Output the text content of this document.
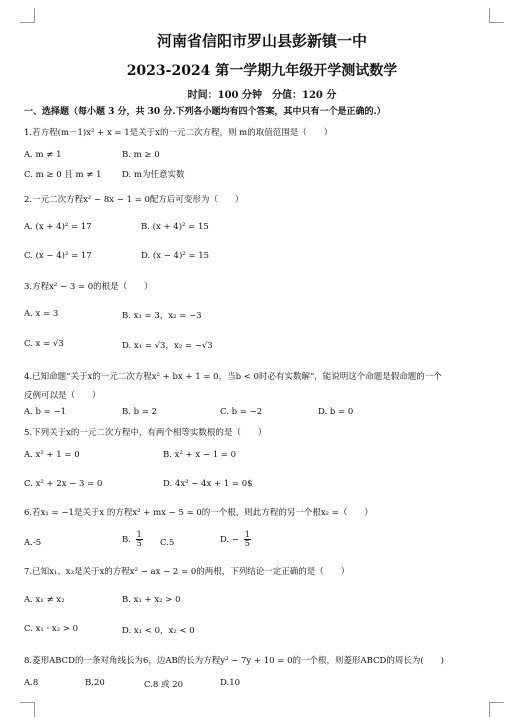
河南省信阳市罗山县彭新镇一中
2023-2024 第一学期九年级开学测试数学
时间：100 分钟　分值：120 分
一、选择题（每小题 3 分，共 30 分.下列各小题均有四个答案，其中只有一个是正确的.）
1.若方程(m－1)x² + x = 1是关于x的一元二次方程，则 m的取值范围是（　　）
A. m ≠ 1	B. m ≥ 0
C. m ≥ 0 且 m ≠ 1 D. m为任意实数
2.一元二次方程x² − 8x − 1 = 0配方后可变形为（　　）
A. (x + 4)² = 17	B. (x + 4)² = 15
C. (x − 4)² = 17	D. (x − 4)² = 15
3.方程x² − 3 = 0的根是（　　）
A. x = 3	B. x₁ = 3，x₂ = −3
C. x = √3	D. x₁ = √3，x₂ = −√3
4.已知命题“关于x的一元二次方程x² + bx + 1 = 0，当b < 0时必有实数解”，能说明这个命题是假命题的一个
反例可以是（　　）
A. b = −1	B. b = 2	C. b = −2	D. b = 0
5.下列关于x的一元二次方程中，有两个相等实数根的是（　　）
A. x² + 1 = 0	B. x² + x − 1 = 0
C. x² + 2x − 3 = 0	D. 4x² − 4x + 1 = 0$
6.若x₁ = −1是关于x 的方程x² + mx − 5 = 0的一个根，则此方程的另一个根x₂ =（　　）
A.-5	B. $\frac{1}{5} C.5$	D. − $\frac{1}{5}$
7.已知x₁、x₂是关于x的方程x² − ax − 2 = 0的两根，下列结论一定正确的是（　　）
A. x₁ ≠ x₂	B. x₁ + x₂ > 0
C. x₁ · x₂ > 0	D. x₁ < 0，x₂ < 0
8.菱形ABCD的一条对角线长为6，边AB的长为方程y² − 7y + 10 = 0的一个根，则菱形ABCD的周长为(　　)
A.8	B.20	C.8 或 20	D.10
